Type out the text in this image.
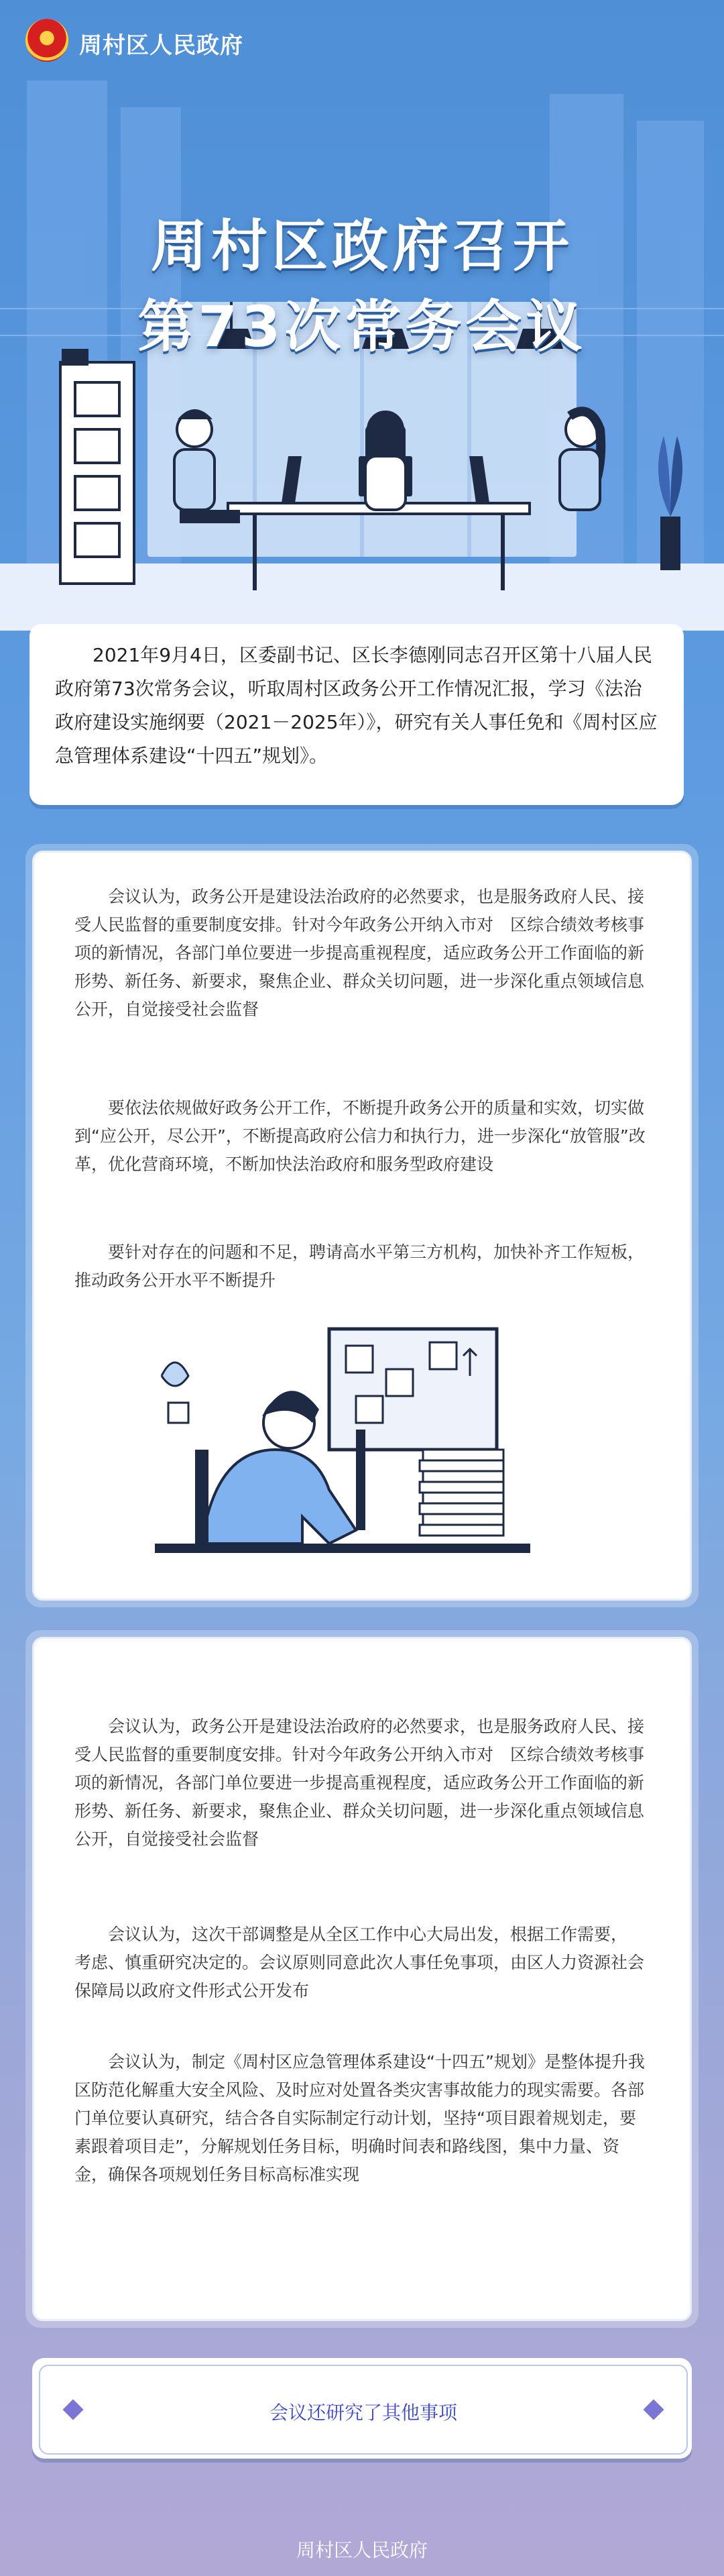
周村区人民政府
周村区政府召开
第73次常务会议

2021年9月4日，区委副书记、区长李德刚同志召开区第十八届人民政府第73次常务会议，听取周村区政务公开工作情况汇报，学习《法治政府建设实施纲要（2021－2025年）》，研究有关人事任免和《周村区应急管理体系建设“十四五”规划》。

会议认为，政务公开是建设法治政府的必然要求，也是服务政府人民、接受人民监督的重要制度安排。针对今年政务公开纳入市对　区综合绩效考核事项的新情况，各部门单位要进一步提高重视程度，适应政务公开工作面临的新形势、新任务、新要求，聚焦企业、群众关切问题，进一步深化重点领域信息公开，自觉接受社会监督
要依法依规做好政务公开工作，不断提升政务公开的质量和实效，切实做到“应公开，尽公开”，不断提高政府公信力和执行力，进一步深化“放管服”改革，优化营商环境，不断加快法治政府和服务型政府建设
要针对存在的问题和不足，聘请高水平第三方机构，加快补齐工作短板，推动政务公开水平不断提升
会议认为，政务公开是建设法治政府的必然要求，也是服务政府人民、接受人民监督的重要制度安排。针对今年政务公开纳入市对　区综合绩效考核事项的新情况，各部门单位要进一步提高重视程度，适应政务公开工作面临的新形势、新任务、新要求，聚焦企业、群众关切问题，进一步深化重点领域信息公开，自觉接受社会监督
会议认为，这次干部调整是从全区工作中心大局出发，根据工作需要，　考虑、慎重研究决定的。会议原则同意此次人事任免事项，由区人力资源社会保障局以政府文件形式公开发布
会议认为，制定《周村区应急管理体系建设“十四五”规划》是整体提升我区防范化解重大安全风险、及时应对处置各类灾害事故能力的现实需要。各部门单位要认真研究，结合各自实际制定行动计划，坚持“项目跟着规划走，要素跟着项目走”，分解规划任务目标，明确时间表和路线图，集中力量、资金，确保各项规划任务目标高标准实现
会议还研究了其他事项
周村区人民政府
